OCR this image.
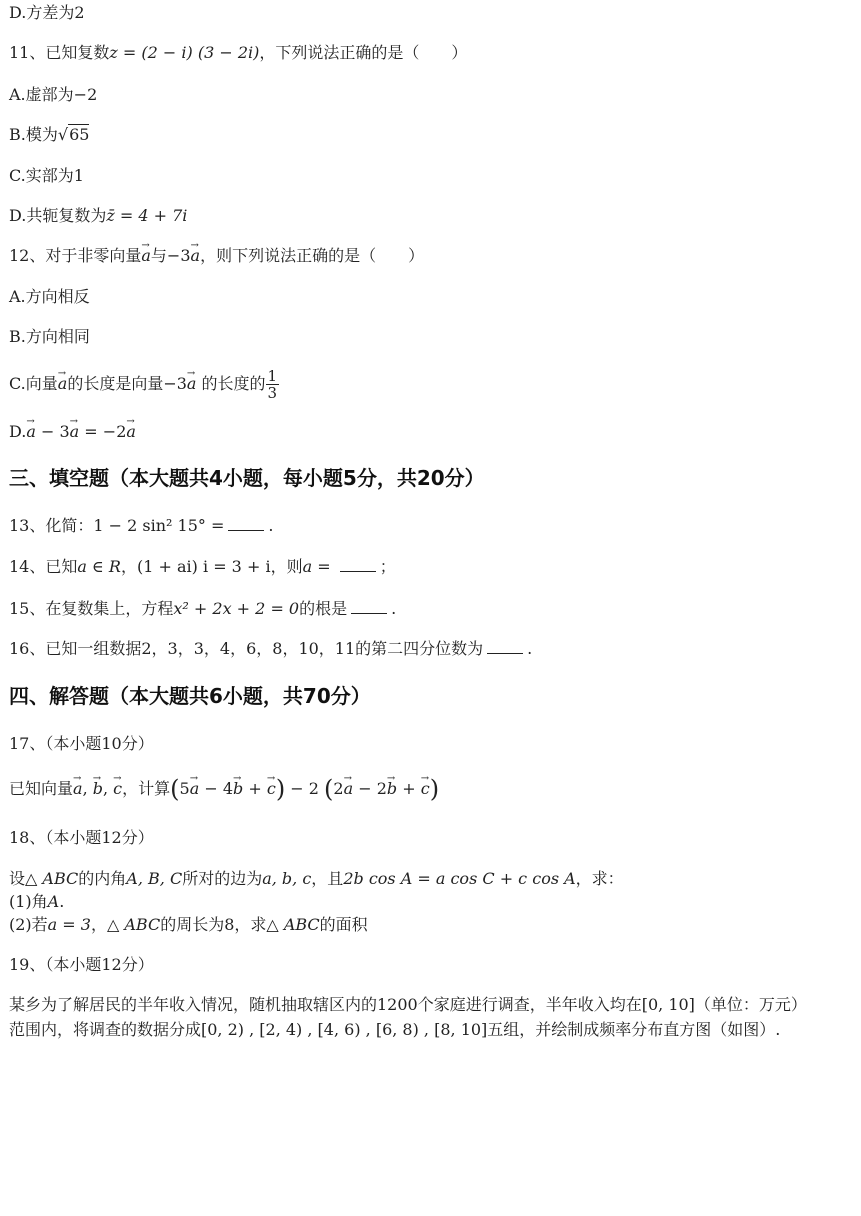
D.方差为2
11、已知复数z = (2 − i) (3 − 2i)，下列说法正确的是（　　）
A.虚部为−2
B.模为√65
C.实部为1
D.共轭复数为z̄ = 4 + 7i
12、对于非零向量→ a与−3→ a，则下列说法正确的是（　　）
A.方向相反
B.方向相同
C.向量→ a的长度是向量−3→ a 的长度的 $\frac{1}{3}$
D.→ a − 3→ a = −2→ a
三、填空题（本大题共4小题，每小题5分，共20分）
13、化简：1 − 2 sin² 15° =	.
14、已知a ∈ R，(1 + ai) i = 3 + i，则a =	；
15、在复数集上，方程x² + 2x + 2 = 0的根是	.
16、已知一组数据2，3，3，4，6，8，10，11的第二四分位数为	.
四、解答题（本大题共6小题，共70分）
17、（本小题10分）
已知向量→ a, → b, → c，计算(5→ a − 4→ b + → c) − 2 (2→ a − 2→ b + → c)
18、（本小题12分）
设△ ABC的内角A, B, C所对的边为a, b, c，且2b cos A = a cos C + c cos A，求：
(1)角A.
(2)若a = 3，△ ABC的周长为8，求△ ABC的面积
19、（本小题12分）
某乡为了解居民的半年收入情况，随机抽取辖区内的1200个家庭进行调查，半年收入均在[0, 10]（单位：万元）
范围内，将调查的数据分成[0, 2) , [2, 4) , [4, 6) , [6, 8) , [8, 10]五组，并绘制成频率分布直方图（如图）.
